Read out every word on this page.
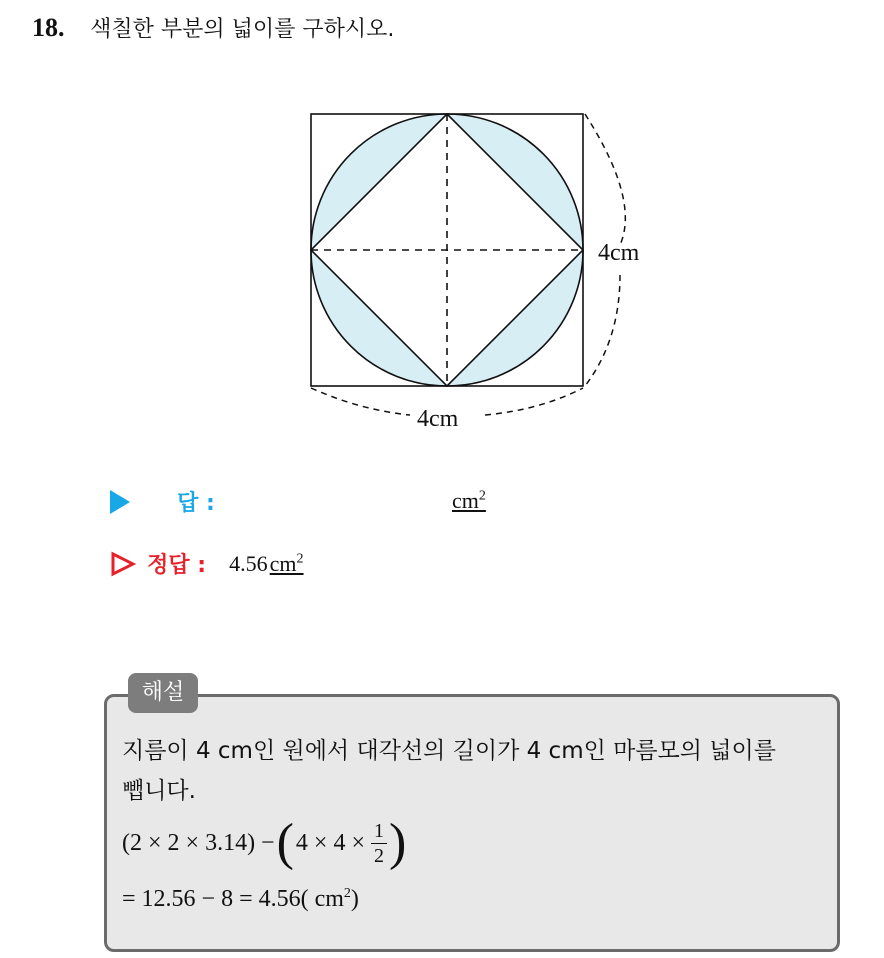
18. 색칠한 부분의 넓이를 구하시오.
4cm
4cm
답 :	$cm^2$
정답 : $4.56cm^2$
해설
지름이 4 cm인 원에서 대각선의 길이가 4 cm인 마름모의 넓이를
뺍니다.
(2 × 2 × 3.14) − ( $4 \times 4 \times \frac{1}{2}$ )
= 12.56 − 8 = 4.56( $cm^2$)
